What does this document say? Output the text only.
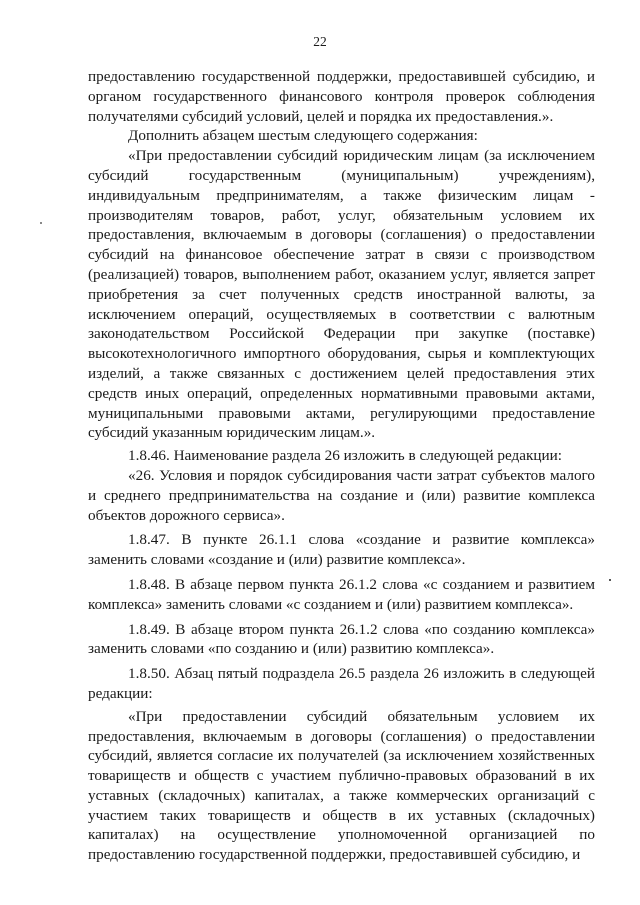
22

предоставлению государственной поддержки, предоставившей субсидию, и органом государственного финансового контроля проверок соблюдения получателями субсидий условий, целей и порядка их предоставления.».

Дополнить абзацем шестым следующего содержания:

«При предоставлении субсидий юридическим лицам (за исключением субсидий государственным (муниципальным) учреждениям), индивидуальным предпринимателям, а также физическим лицам - производителям товаров, работ, услуг, обязательным условием их предоставления, включаемым в договоры (соглашения) о предоставлении субсидий на финансовое обеспечение затрат в связи с производством (реализацией) товаров, выполнением работ, оказанием услуг, является запрет приобретения за счет полученных средств иностранной валюты, за исключением операций, осуществляемых в соответствии с валютным законодательством Российской Федерации при закупке (поставке) высокотехнологичного импортного оборудования, сырья и комплектующих изделий, а также связанных с достижением целей предоставления этих средств иных операций, определенных нормативными правовыми актами, муниципальными правовыми актами, регулирующими предоставление субсидий указанным юридическим лицам.».

1.8.46. Наименование раздела 26 изложить в следующей редакции:

«26. Условия и порядок субсидирования части затрат субъектов малого и среднего предпринимательства на создание и (или) развитие комплекса объектов дорожного сервиса».

1.8.47. В пункте 26.1.1 слова «создание и развитие комплекса» заменить словами «создание и (или) развитие комплекса».

1.8.48. В абзаце первом пункта 26.1.2 слова «с созданием и развитием комплекса» заменить словами «с созданием и (или) развитием комплекса».

1.8.49. В абзаце втором пункта 26.1.2 слова «по созданию комплекса» заменить словами «по созданию и (или) развитию комплекса».

1.8.50. Абзац пятый подраздела 26.5 раздела 26 изложить в следующей редакции:

«При предоставлении субсидий обязательным условием их предоставления, включаемым в договоры (соглашения) о предоставлении субсидий, является согласие их получателей (за исключением хозяйственных товариществ и обществ с участием публично-правовых образований в их уставных (складочных) капиталах, а также коммерческих организаций с участием таких товариществ и обществ в их уставных (складочных) капиталах) на осуществление уполномоченной организацией по предоставлению государственной поддержки, предоставившей субсидию, и
